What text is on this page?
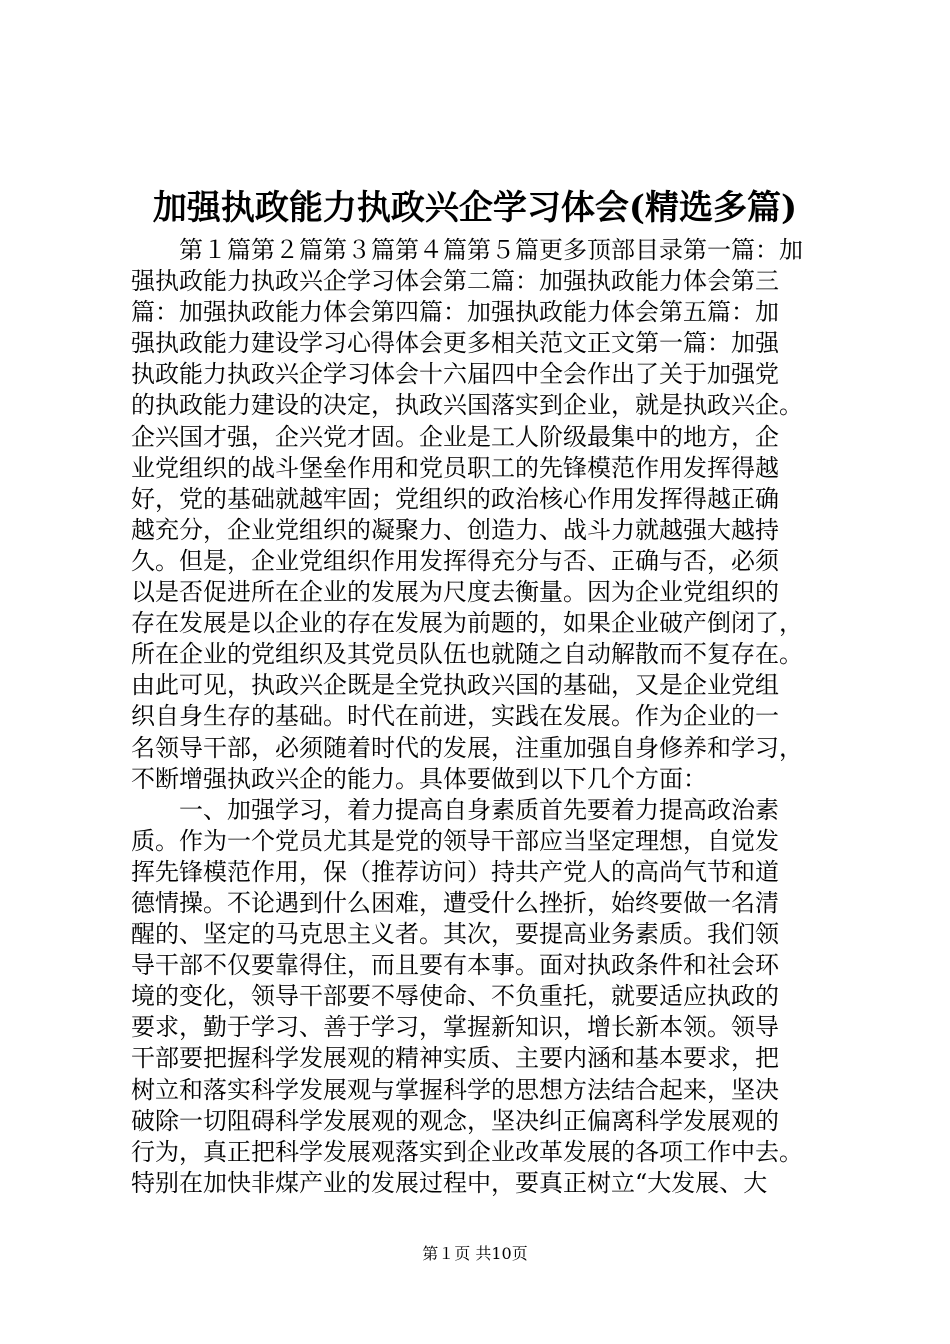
加强执政能力执政兴企学习体会(精选多篇)
第１篇第２篇第３篇第４篇第５篇更多顶部目录第一篇：加
强执政能力执政兴企学习体会第二篇：加强执政能力体会第三
篇：加强执政能力体会第四篇：加强执政能力体会第五篇：加
强执政能力建设学习心得体会更多相关范文正文第一篇：加强
执政能力执政兴企学习体会十六届四中全会作出了关于加强党
的执政能力建设的决定，执政兴国落实到企业，就是执政兴企。
企兴国才强，企兴党才固。企业是工人阶级最集中的地方，企
业党组织的战斗堡垒作用和党员职工的先锋模范作用发挥得越
好，党的基础就越牢固；党组织的政治核心作用发挥得越正确
越充分，企业党组织的凝聚力、创造力、战斗力就越强大越持
久。但是，企业党组织作用发挥得充分与否、正确与否，必须
以是否促进所在企业的发展为尺度去衡量。因为企业党组织的
存在发展是以企业的存在发展为前题的，如果企业破产倒闭了，
所在企业的党组织及其党员队伍也就随之自动解散而不复存在。
由此可见，执政兴企既是全党执政兴国的基础，又是企业党组
织自身生存的基础。时代在前进，实践在发展。作为企业的一
名领导干部，必须随着时代的发展，注重加强自身修养和学习，
不断增强执政兴企的能力。具体要做到以下几个方面：
一、加强学习，着力提高自身素质首先要着力提高政治素
质。作为一个党员尤其是党的领导干部应当坚定理想，自觉发
挥先锋模范作用，保（推荐访问）持共产党人的高尚气节和道
德情操。不论遇到什么困难，遭受什么挫折，始终要做一名清
醒的、坚定的马克思主义者。其次，要提高业务素质。我们领
导干部不仅要靠得住，而且要有本事。面对执政条件和社会环
境的变化，领导干部要不辱使命、不负重托，就要适应执政的
要求，勤于学习、善于学习，掌握新知识，增长新本领。领导
干部要把握科学发展观的精神实质、主要内涵和基本要求，把
树立和落实科学发展观与掌握科学的思想方法结合起来，坚决
破除一切阻碍科学发展观的观念，坚决纠正偏离科学发展观的
行为，真正把科学发展观落实到企业改革发展的各项工作中去。
特别在加快非煤产业的发展过程中，要真正树立“大发展、大
第１页 共10页
